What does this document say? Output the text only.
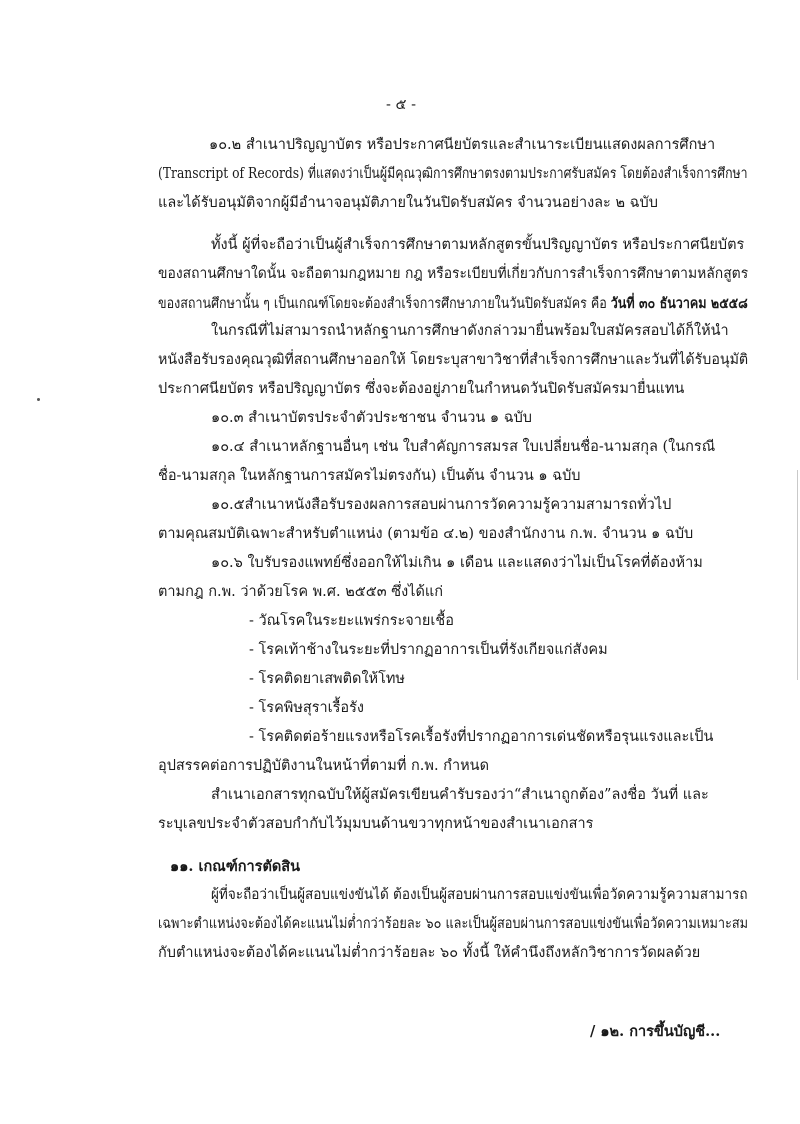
- ๕ -
๑๐.๒ สำเนาปริญญาบัตร หรือประกาศนียบัตรและสำเนาระเบียนแสดงผลการศึกษา
(Transcript of Records) ที่แสดงว่าเป็นผู้มีคุณวุฒิการศึกษาตรงตามประกาศรับสมัคร โดยต้องสำเร็จการศึกษา
และได้รับอนุมัติจากผู้มีอำนาจอนุมัติภายในวันปิดรับสมัคร จำนวนอย่างละ ๒ ฉบับ
ทั้งนี้ ผู้ที่จะถือว่าเป็นผู้สำเร็จการศึกษาตามหลักสูตรขั้นปริญญาบัตร หรือประกาศนียบัตร
ของสถานศึกษาใดนั้น จะถือตามกฎหมาย กฎ หรือระเบียบที่เกี่ยวกับการสำเร็จการศึกษาตามหลักสูตร
ของสถานศึกษานั้น ๆ เป็นเกณฑ์โดยจะต้องสำเร็จการศึกษาภายในวันปิดรับสมัคร คือ วันที่ ๓๐ ธันวาคม ๒๕๕๘
ในกรณีที่ไม่สามารถนำหลักฐานการศึกษาดังกล่าวมายื่นพร้อมใบสมัครสอบได้ก็ให้นำ
หนังสือรับรองคุณวุฒิที่สถานศึกษาออกให้ โดยระบุสาขาวิชาที่สำเร็จการศึกษาและวันที่ได้รับอนุมัติ
ประกาศนียบัตร หรือปริญญาบัตร ซึ่งจะต้องอยู่ภายในกำหนดวันปิดรับสมัครมายื่นแทน
๑๐.๓ สำเนาบัตรประจำตัวประชาชน จำนวน ๑ ฉบับ
๑๐.๔ สำเนาหลักฐานอื่นๆ เช่น ใบสำคัญการสมรส ใบเปลี่ยนชื่อ-นามสกุล (ในกรณี
ชื่อ-นามสกุล ในหลักฐานการสมัครไม่ตรงกัน) เป็นต้น จำนวน ๑ ฉบับ
๑๐.๕สำเนาหนังสือรับรองผลการสอบผ่านการวัดความรู้ความสามารถทั่วไป
ตามคุณสมบัติเฉพาะสำหรับตำแหน่ง (ตามข้อ ๔.๒) ของสำนักงาน ก.พ. จำนวน ๑ ฉบับ
๑๐.๖ ใบรับรองแพทย์ซึ่งออกให้ไม่เกิน ๑ เดือน และแสดงว่าไม่เป็นโรคที่ต้องห้าม
ตามกฎ ก.พ. ว่าด้วยโรค พ.ศ. ๒๕๕๓ ซึ่งได้แก่
- วัณโรคในระยะแพร่กระจายเชื้อ
- โรคเท้าช้างในระยะที่ปรากฏอาการเป็นที่รังเกียจแก่สังคม
- โรคติดยาเสพติดให้โทษ
- โรคพิษสุราเรื้อรัง
- โรคติดต่อร้ายแรงหรือโรคเรื้อรังที่ปรากฏอาการเด่นชัดหรือรุนแรงและเป็น
อุปสรรคต่อการปฏิบัติงานในหน้าที่ตามที่ ก.พ. กำหนด
สำเนาเอกสารทุกฉบับให้ผู้สมัครเขียนคำรับรองว่า“สำเนาถูกต้อง”ลงชื่อ วันที่ และ
ระบุเลขประจำตัวสอบกำกับไว้มุมบนด้านขวาทุกหน้าของสำเนาเอกสาร
๑๑. เกณฑ์การตัดสิน
ผู้ที่จะถือว่าเป็นผู้สอบแข่งขันได้ ต้องเป็นผู้สอบผ่านการสอบแข่งขันเพื่อวัดความรู้ความสามารถ
เฉพาะตำแหน่งจะต้องได้คะแนนไม่ต่ำกว่าร้อยละ ๖๐ และเป็นผู้สอบผ่านการสอบแข่งขันเพื่อวัดความเหมาะสม
กับตำแหน่งจะต้องได้คะแนนไม่ต่ำกว่าร้อยละ ๖๐ ทั้งนี้ ให้คำนึงถึงหลักวิชาการวัดผลด้วย
/ ๑๒. การขึ้นบัญชี...
